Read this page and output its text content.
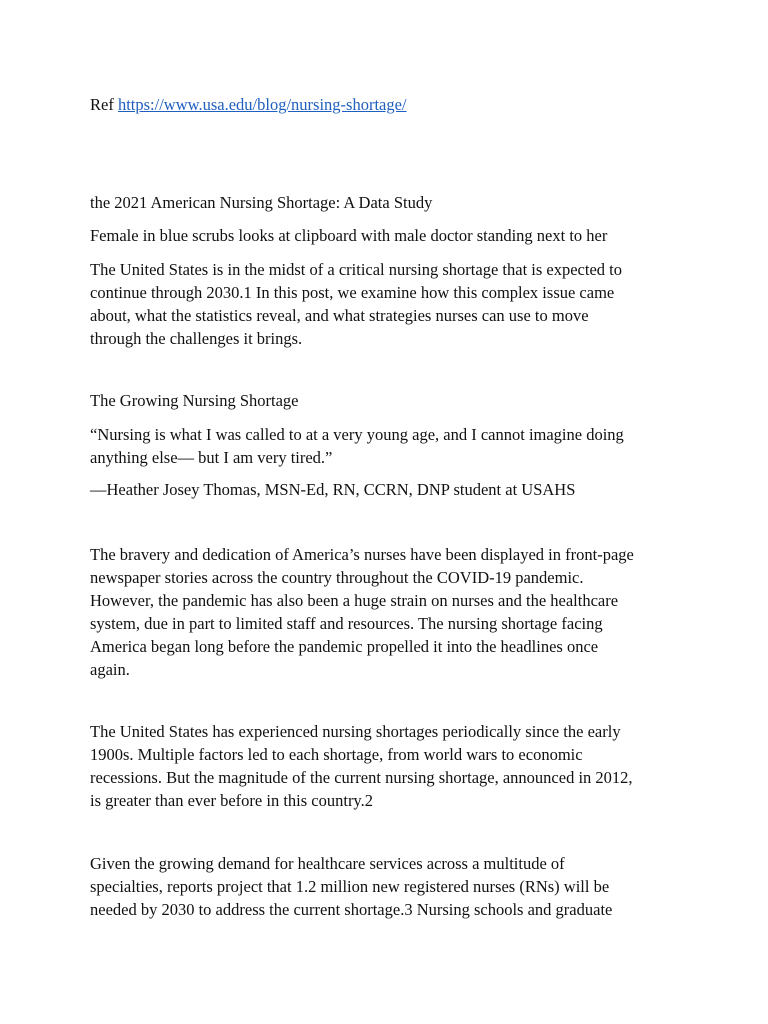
Ref https://www.usa.edu/blog/nursing-shortage/

the 2021 American Nursing Shortage: A Data Study

Female in blue scrubs looks at clipboard with male doctor standing next to her

The United States is in the midst of a critical nursing shortage that is expected to

continue through 2030.1 In this post, we examine how this complex issue came

about, what the statistics reveal, and what strategies nurses can use to move

through the challenges it brings.

The Growing Nursing Shortage

“Nursing is what I was called to at a very young age, and I cannot imagine doing

anything else— but I am very tired.”

—Heather Josey Thomas, MSN-Ed, RN, CCRN, DNP student at USAHS

The bravery and dedication of America’s nurses have been displayed in front-page

newspaper stories across the country throughout the COVID-19 pandemic.

However, the pandemic has also been a huge strain on nurses and the healthcare

system, due in part to limited staff and resources. The nursing shortage facing

America began long before the pandemic propelled it into the headlines once

again.

The United States has experienced nursing shortages periodically since the early

1900s. Multiple factors led to each shortage, from world wars to economic

recessions. But the magnitude of the current nursing shortage, announced in 2012,

is greater than ever before in this country.2

Given the growing demand for healthcare services across a multitude of

specialties, reports project that 1.2 million new registered nurses (RNs) will be

needed by 2030 to address the current shortage.3 Nursing schools and graduate
